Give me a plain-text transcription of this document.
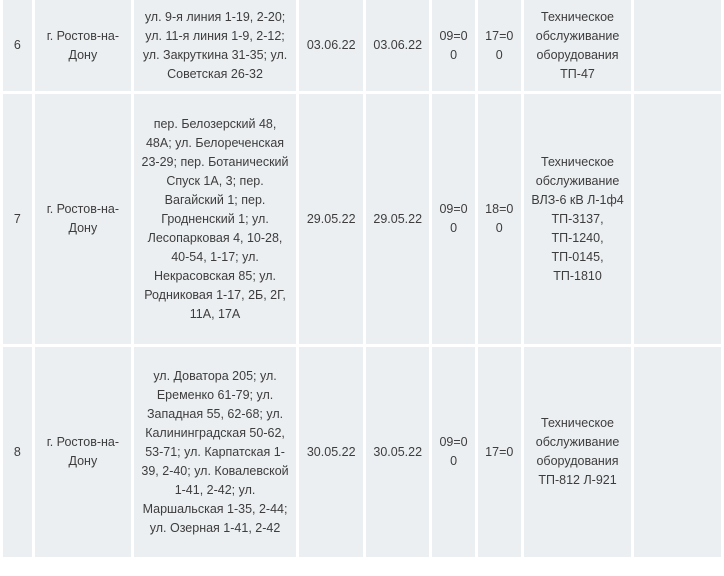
6	г. Ростов-на-Дону	ул. 9-я линия 1-19, 2-20; ул. 11-я линия 1-9, 2-12; ул. Закруткина 31-35; ул. Советская 26-32	03.06.22	03.06.22	09=00	17=00	Техническое обслуживание оборудования ТП-47	
7	г. Ростов-на-Дону	пер. Белозерский 48, 48А; ул. Белореченская 23-29; пер. Ботанический Спуск 1А, 3; пер. Вагайский 1; пер. Гродненский 1; ул. Лесопарковая 4, 10-28, 40-54, 1-17; ул. Некрасовская 85; ул. Родниковая 1-17, 2Б, 2Г, 11А, 17А	29.05.22	29.05.22	09=00	18=00	Техническое обслуживание ВЛЗ-6 кВ Л-1ф4 ТП-3137, ТП-1240, ТП-0145, ТП-1810	
8	г. Ростов-на-Дону	ул. Доватора 205; ул. Еременко 61-79; ул. Западная 55, 62-68; ул. Калининградская 50-62, 53-71; ул. Карпатская 1-39, 2-40; ул. Ковалевской 1-41, 2-42; ул. Маршальская 1-35, 2-44; ул. Озерная 1-41, 2-42	30.05.22	30.05.22	09=00	17=0	Техническое обслуживание оборудования ТП-812 Л-921	
